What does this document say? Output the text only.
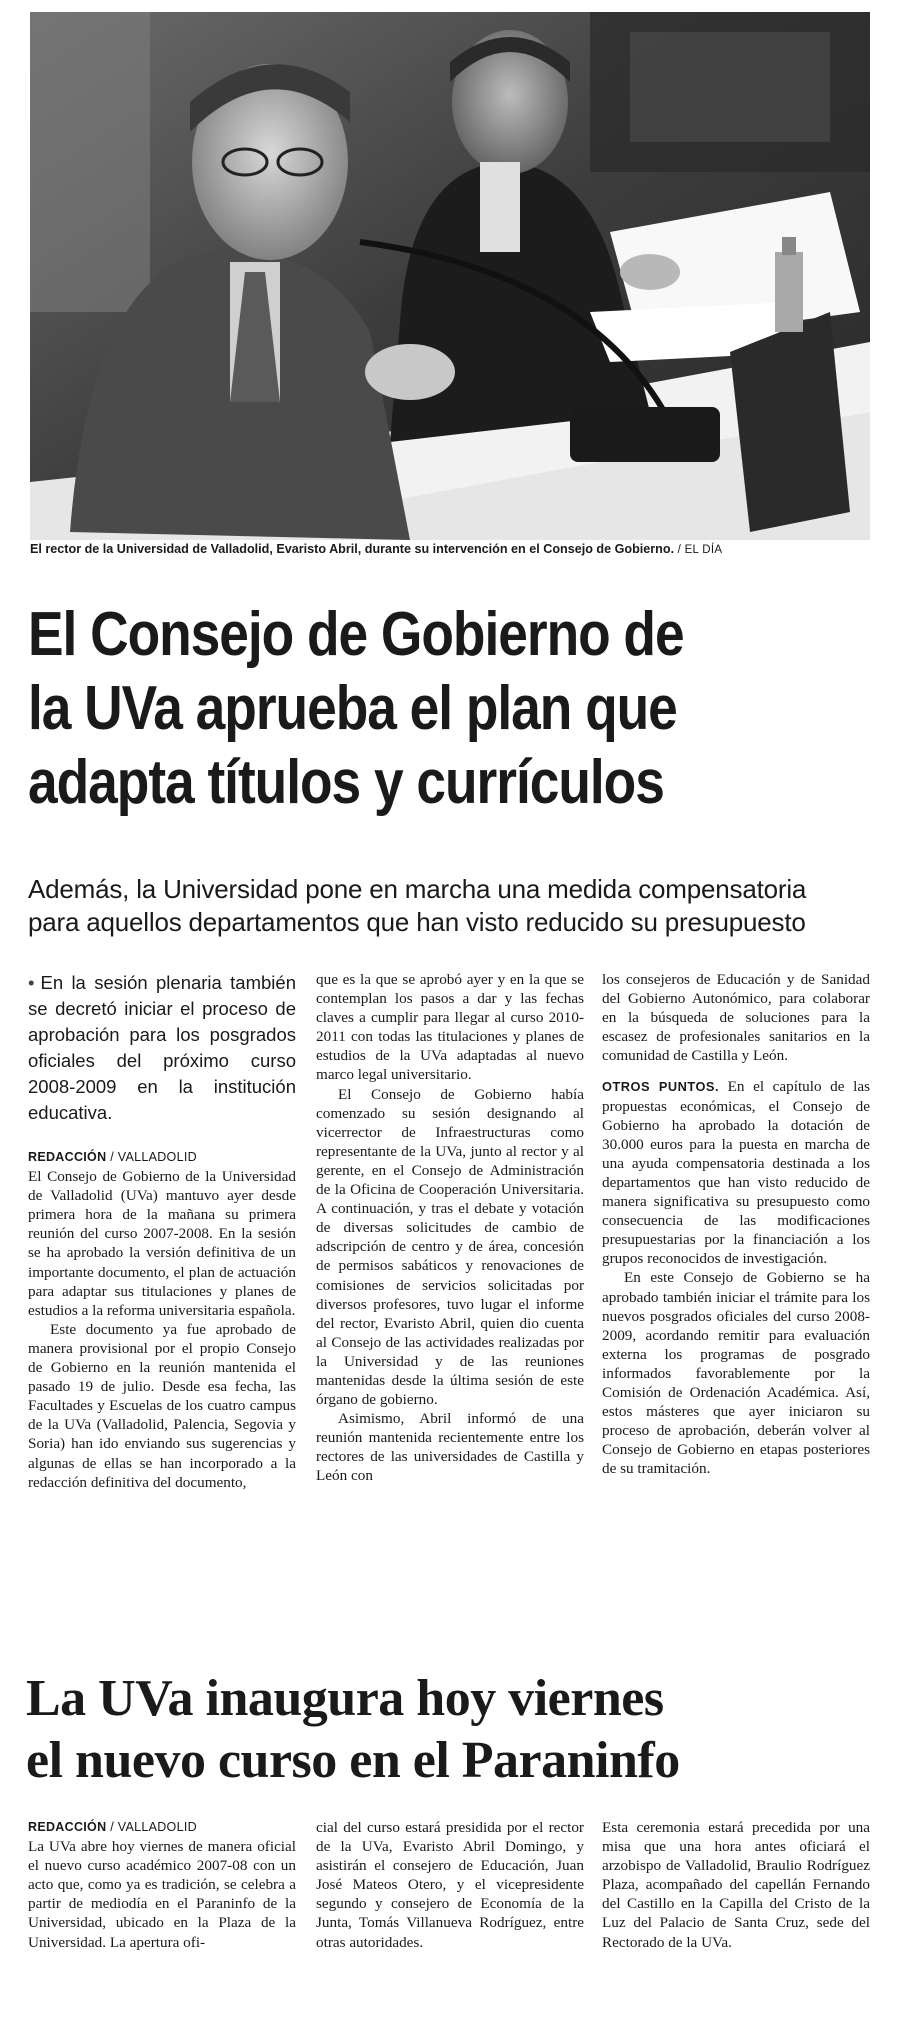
El rector de la Universidad de Valladolid, Evaristo Abril, durante su intervención en el Consejo de Gobierno. / EL DÍA
El Consejo de Gobierno de
la UVa aprueba el plan que
adapta títulos y currículos
Además, la Universidad pone en marcha una medida compensatoria
para aquellos departamentos que han visto reducido su presupuesto

• En la sesión plenaria también se decretó iniciar el proceso de aprobación para los posgrados oficiales del próximo curso 2008-2009 en la institución educativa.

REDACCIÓN / VALLADOLID

El Consejo de Gobierno de la Universidad de Valladolid (UVa) mantuvo ayer desde primera hora de la mañana su primera reunión del curso 2007-2008. En la sesión se ha aprobado la versión definitiva de un importante documento, el plan de actuación para adaptar sus titulaciones y planes de estudios a la reforma universitaria española.

Este documento ya fue aprobado de manera provisional por el propio Consejo de Gobierno en la reunión mantenida el pasado 19 de julio. Desde esa fecha, las Facultades y Escuelas de los cuatro campus de la UVa (Valladolid, Palencia, Segovia y Soria) han ido enviando sus sugerencias y algunas de ellas se han incorporado a la redacción definitiva del documento,

que es la que se aprobó ayer y en la que se contemplan los pasos a dar y las fechas claves a cumplir para llegar al curso 2010-2011 con todas las titulaciones y planes de estudios de la UVa adaptadas al nuevo marco legal universitario.

El Consejo de Gobierno había comenzado su sesión designando al vicerrector de Infraestructuras como representante de la UVa, junto al rector y al gerente, en el Consejo de Administración de la Oficina de Cooperación Universitaria. A continuación, y tras el debate y votación de diversas solicitudes de cambio de adscripción de centro y de área, concesión de permisos sabáticos y renovaciones de comisiones de servicios solicitadas por diversos profesores, tuvo lugar el informe del rector, Evaristo Abril, quien dio cuenta al Consejo de las actividades realizadas por la Universidad y de las reuniones mantenidas desde la última sesión de este órgano de gobierno.

Asimismo, Abril informó de una reunión mantenida recientemente entre los rectores de las universidades de Castilla y León con

los consejeros de Educación y de Sanidad del Gobierno Autonómico, para colaborar en la búsqueda de soluciones para la escasez de profesionales sanitarios en la comunidad de Castilla y León.

OTROS PUNTOS. En el capítulo de las propuestas económicas, el Consejo de Gobierno ha aprobado la dotación de 30.000 euros para la puesta en marcha de una ayuda compensatoria destinada a los departamentos que han visto reducido de manera significativa su presupuesto como consecuencia de las modificaciones presupuestarias por la financiación a los grupos reconocidos de investigación.

En este Consejo de Gobierno se ha aprobado también iniciar el trámite para los nuevos posgrados oficiales del curso 2008-2009, acordando remitir para evaluación externa los programas de posgrado informados favorablemente por la Comisión de Ordenación Académica. Así, estos másteres que ayer iniciaron su proceso de aprobación, deberán volver al Consejo de Gobierno en etapas posteriores de su tramitación.

La UVa inaugura hoy viernes
el nuevo curso en el Paraninfo

REDACCIÓN / VALLADOLID

La UVa abre hoy viernes de manera oficial el nuevo curso académico 2007-08 con un acto que, como ya es tradición, se celebra a partir de mediodía en el Paraninfo de la Universidad, ubicado en la Plaza de la Universidad. La apertura ofi-

cial del curso estará presidida por el rector de la UVa, Evaristo Abril Domingo, y asistirán el consejero de Educación, Juan José Mateos Otero, y el vicepresidente segundo y consejero de Economía de la Junta, Tomás Villanueva Rodríguez, entre otras autoridades.

Esta ceremonia estará precedida por una misa que una hora antes oficiará el arzobispo de Valladolid, Braulio Rodríguez Plaza, acompañado del capellán Fernando del Castillo en la Capilla del Cristo de la Luz del Palacio de Santa Cruz, sede del Rectorado de la UVa.
